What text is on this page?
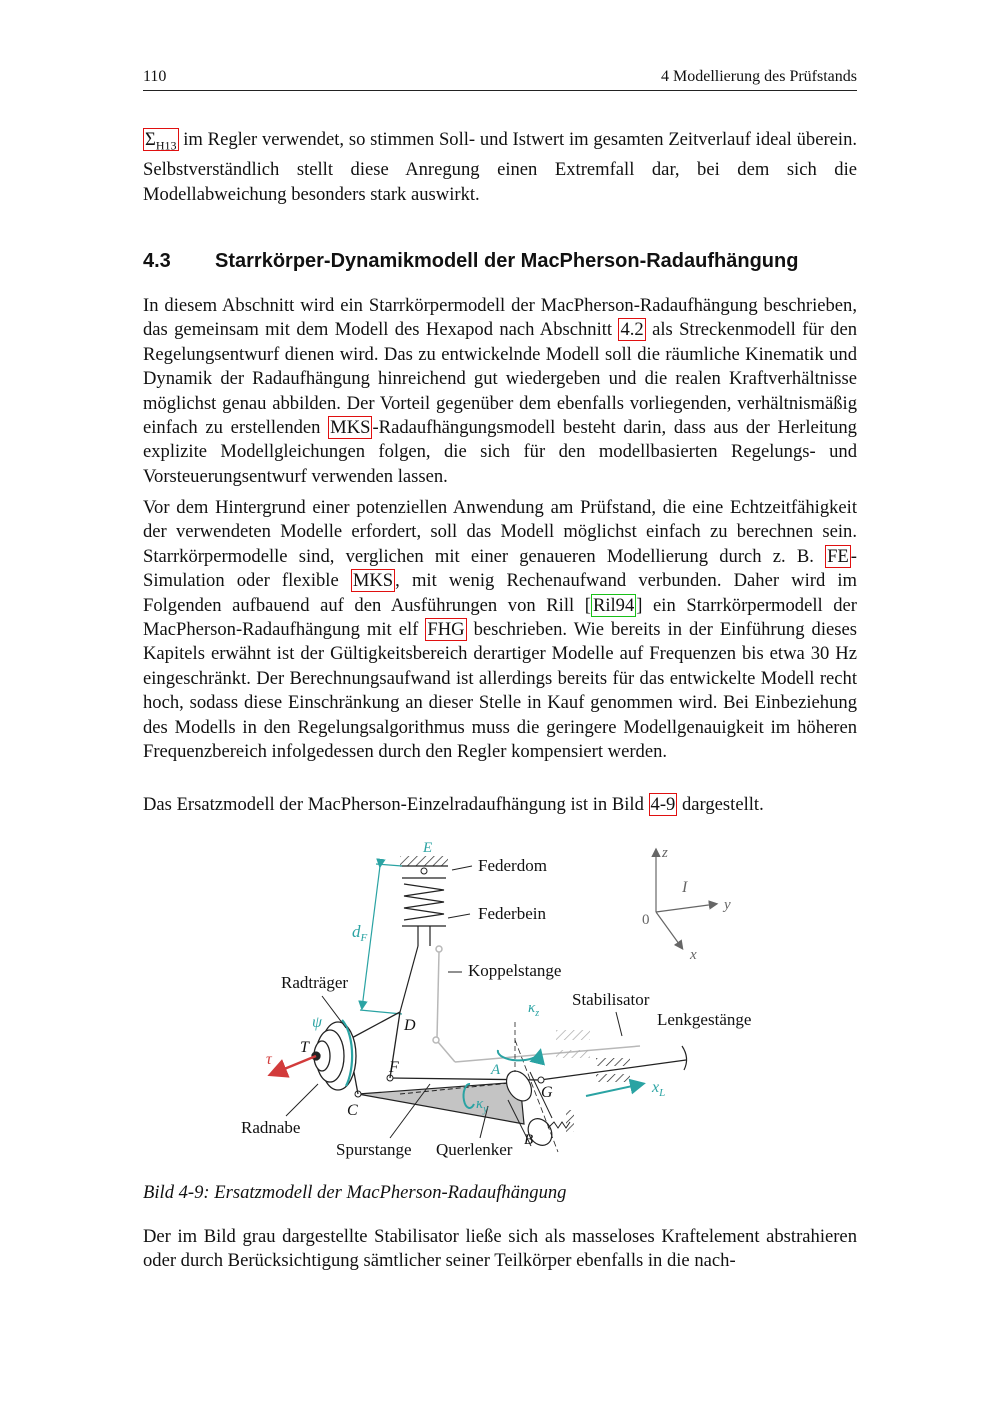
110	4 Modellierung des Prüfstands
$\Sigma_{H13}$ im Regler verwendet, so stimmen Soll- und Istwert im gesamten Zeitverlauf ideal überein. Selbstverständlich stellt diese Anregung einen Extremfall dar, bei dem sich die Modellabweichung besonders stark auswirkt.
4.3 Starrkörper-Dynamikmodell der MacPherson-Radaufhängung
In diesem Abschnitt wird ein Starrkörpermodell der MacPherson-Radaufhängung beschrieben, das gemeinsam mit dem Modell des Hexapod nach Abschnitt 4.2 als Streckenmodell für den Regelungsentwurf dienen wird. Das zu entwickelnde Modell soll die räumliche Kinematik und Dynamik der Radaufhängung hinreichend gut wiedergeben und die realen Kraftverhältnisse möglichst genau abbilden. Der Vorteil gegenüber dem ebenfalls vorliegenden, verhältnismäßig einfach zu erstellenden MKS -Radaufhängungsmodell besteht darin, dass aus der Herleitung explizite Modellgleichungen folgen, die sich für den modellbasierten Regelungs- und Vorsteuerungsentwurf verwenden lassen.
Vor dem Hintergrund einer potenziellen Anwendung am Prüfstand, die eine Echtzeitfähigkeit der verwendeten Modelle erfordert, soll das Modell möglichst einfach zu berechnen sein. Starrkörpermodelle sind, verglichen mit einer genaueren Modellierung durch z. B. FE -Simulation oder flexible MKS , mit wenig Rechenaufwand verbunden. Daher wird im Folgenden aufbauend auf den Ausführungen von Rill [ Ril94 ] ein Starrkörpermodell der MacPherson-Radaufhängung mit elf FHG beschrieben. Wie bereits in der Einführung dieses Kapitels erwähnt ist der Gültigkeitsbereich derartiger Modelle auf Frequenzen bis etwa 30 Hz eingeschränkt. Der Berechnungsaufwand ist allerdings bereits für das entwickelte Modell recht hoch, sodass diese Einschränkung an dieser Stelle in Kauf genommen wird. Bei Einbeziehung des Modells in den Regelungsalgorithmus muss die geringere Modellgenauigkeit im höheren Frequenzbereich infolgedessen durch den Regler kompensiert werden.
Das Ersatzmodell der MacPherson-Einzelradaufhängung ist in Bild 4-9 dargestellt.
E
Federdom
Federbein
$d_F$
Koppelstange
Radträger
Stabilisator
Lenkgestänge
ψ	D
$\kappa_z$
T
τ	F	A
G	$x_L$
$\kappa_y$
C
Radnabe
B
Spurstange Querlenker
z
I
y
0
x
Bild 4-9: Ersatzmodell der MacPherson-Radaufhängung
Der im Bild grau dargestellte Stabilisator ließe sich als masseloses Kraftelement abstrahieren oder durch Berücksichtigung sämtlicher seiner Teilkörper ebenfalls in die nach-
